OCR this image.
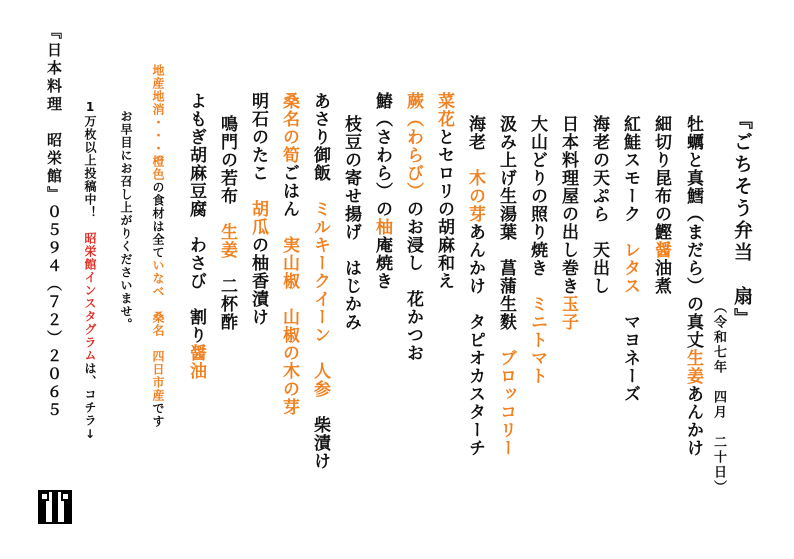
『ごちそう弁当　扇』
（令和七年　四月　二十日）
牡蠣と真鱈（まだら）の真丈生姜あんかけ
細切り昆布の鰹醤油煮
紅鮭スモーク　レタス　マヨネーズ
海老の天ぷら　天出し
日本料理屋の出し巻き玉子
大山どりの照り焼き　ミニトマト
汲み上げ生湯葉　菖蒲生麩　ブロッコリー
海老　木の芽あんかけ　タピオカスターチ
菜花とセロリの胡麻和え
蕨（わらび）のお浸し　花かつお
鰆（さわら）の柚庵焼き
枝豆の寄せ揚げ　はじかみ
あさり御飯　ミルキークイーン　人参　柴漬け
桑名の筍ごはん　実山椒　山椒の木の芽
明石のたこ　胡瓜の柚香漬け
鳴門の若布　生姜　二杯酢
よもぎ胡麻豆腐　わさび　割り醤油
地産地消・・・橙色の食材は全ていなべ　桑名　四日市産です
お早目にお召し上がりくださいませ。
1万枚以上投稿中！　昭栄館インスタグラムは、コチラ↓
『日本料理　昭栄館』０５９４（７２）２０６５
